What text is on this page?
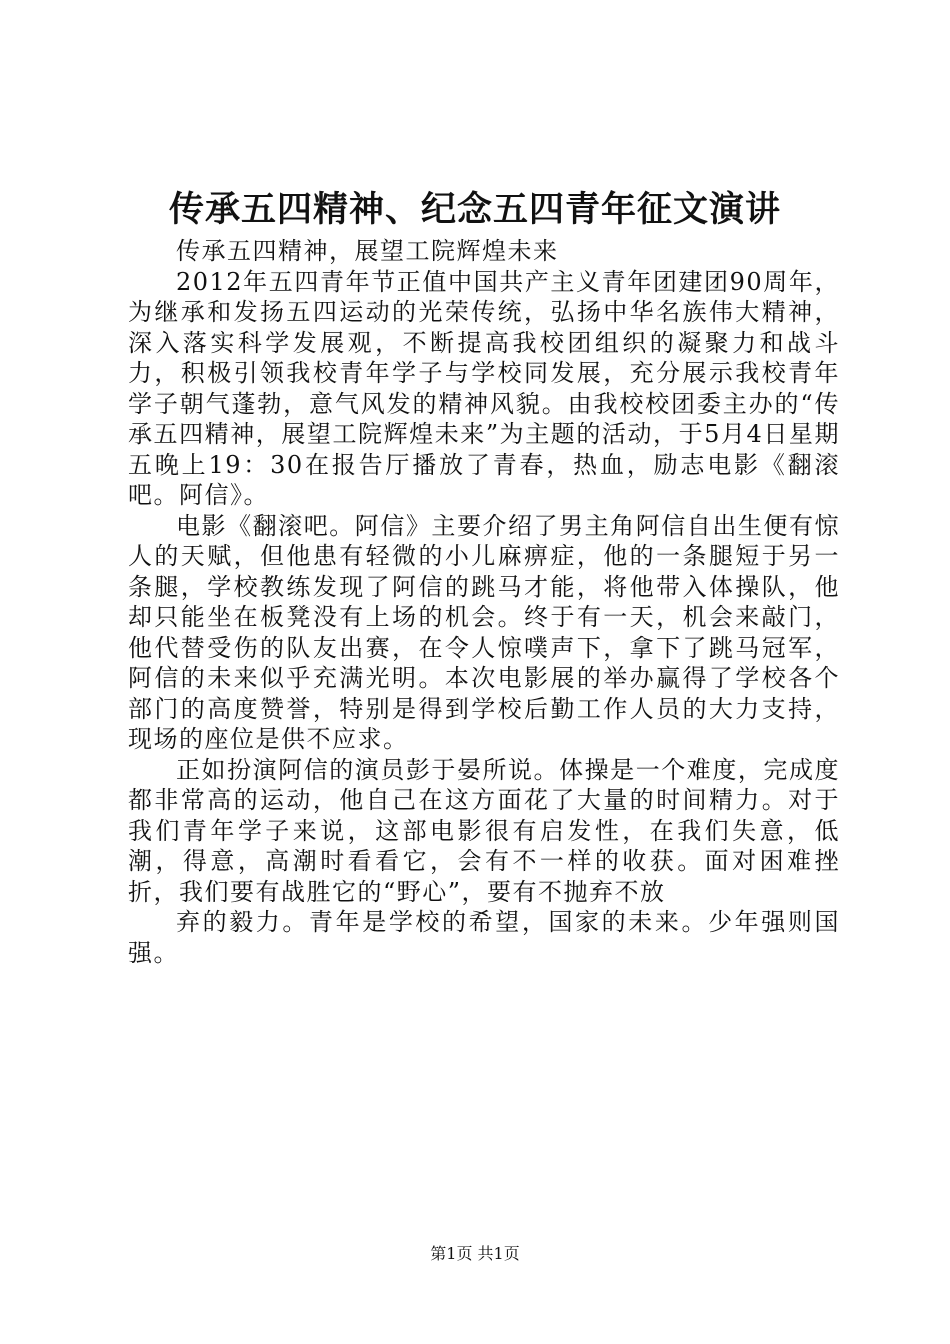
传承五四精神、纪念五四青年征文演讲

传承五四精神，展望工院辉煌未来

2012年五四青年节正值中国共产主义青年团建团90周年，为继承和发扬五四运动的光荣传统，弘扬中华名族伟大精神，深入落实科学发展观，不断提高我校团组织的凝聚力和战斗力，积极引领我校青年学子与学校同发展，充分展示我校青年学子朝气蓬勃，意气风发的精神风貌。由我校校团委主办的“传承五四精神，展望工院辉煌未来”为主题的活动，于5月4日星期五晚上19：30在报告厅播放了青春，热血，励志电影《翻滚吧。阿信》。

电影《翻滚吧。阿信》主要介绍了男主角阿信自出生便有惊人的天赋，但他患有轻微的小儿麻痹症，他的一条腿短于另一条腿，学校教练发现了阿信的跳马才能，将他带入体操队，他却只能坐在板凳没有上场的机会。终于有一天，机会来敲门，他代替受伤的队友出赛，在令人惊噗声下，拿下了跳马冠军，阿信的未来似乎充满光明。本次电影展的举办赢得了学校各个部门的高度赞誉，特别是得到学校后勤工作人员的大力支持，现场的座位是供不应求。

正如扮演阿信的演员彭于晏所说。体操是一个难度，完成度都非常高的运动，他自己在这方面花了大量的时间精力。对于我们青年学子来说，这部电影很有启发性，在我们失意，低潮，得意，高潮时看看它，会有不一样的收获。面对困难挫折，我们要有战胜它的“野心”，要有不抛弃不放

弃的毅力。青年是学校的希望，国家的未来。少年强则国强。

第1页 共1页
